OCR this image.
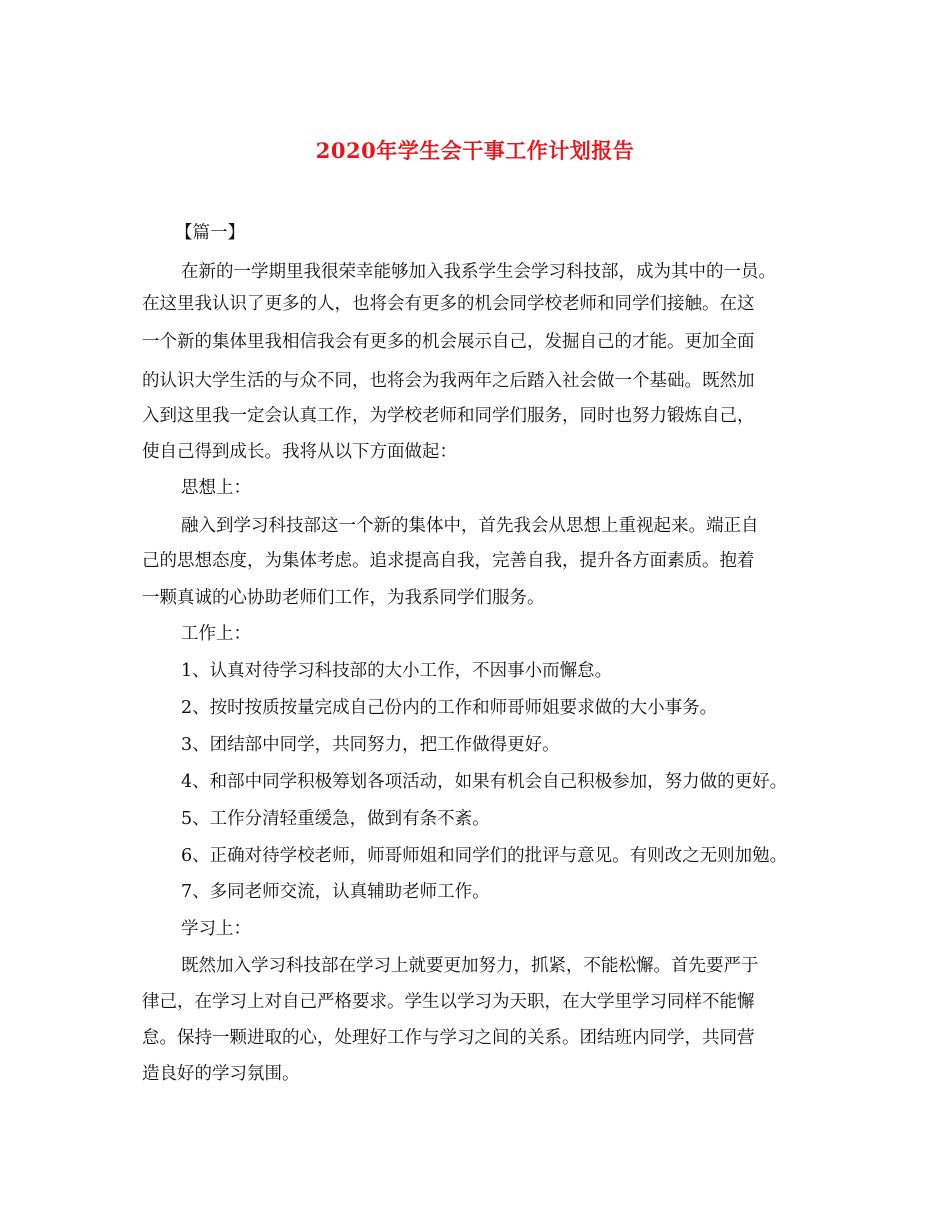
2020年学生会干事工作计划报告
【篇一】
在新的一学期里我很荣幸能够加入我系学生会学习科技部，成为其中的一员。
在这里我认识了更多的人，也将会有更多的机会同学校老师和同学们接触。在这
一个新的集体里我相信我会有更多的机会展示自己，发掘自己的才能。更加全面
的认识大学生活的与众不同，也将会为我两年之后踏入社会做一个基础。既然加
入到这里我一定会认真工作，为学校老师和同学们服务，同时也努力锻炼自己，
使自己得到成长。我将从以下方面做起：
思想上：
融入到学习科技部这一个新的集体中，首先我会从思想上重视起来。端正自
己的思想态度，为集体考虑。追求提高自我，完善自我，提升各方面素质。抱着
一颗真诚的心协助老师们工作，为我系同学们服务。
工作上：
1、认真对待学习科技部的大小工作，不因事小而懈怠。
2、按时按质按量完成自己份内的工作和师哥师姐要求做的大小事务。
3、团结部中同学，共同努力，把工作做得更好。
4、和部中同学积极筹划各项活动，如果有机会自己积极参加，努力做的更好。
5、工作分清轻重缓急，做到有条不紊。
6、正确对待学校老师，师哥师姐和同学们的批评与意见。有则改之无则加勉。
7、多同老师交流，认真辅助老师工作。
学习上：
既然加入学习科技部在学习上就要更加努力，抓紧，不能松懈。首先要严于
律己，在学习上对自己严格要求。学生以学习为天职，在大学里学习同样不能懈
怠。保持一颗进取的心，处理好工作与学习之间的关系。团结班内同学，共同营
造良好的学习氛围。
